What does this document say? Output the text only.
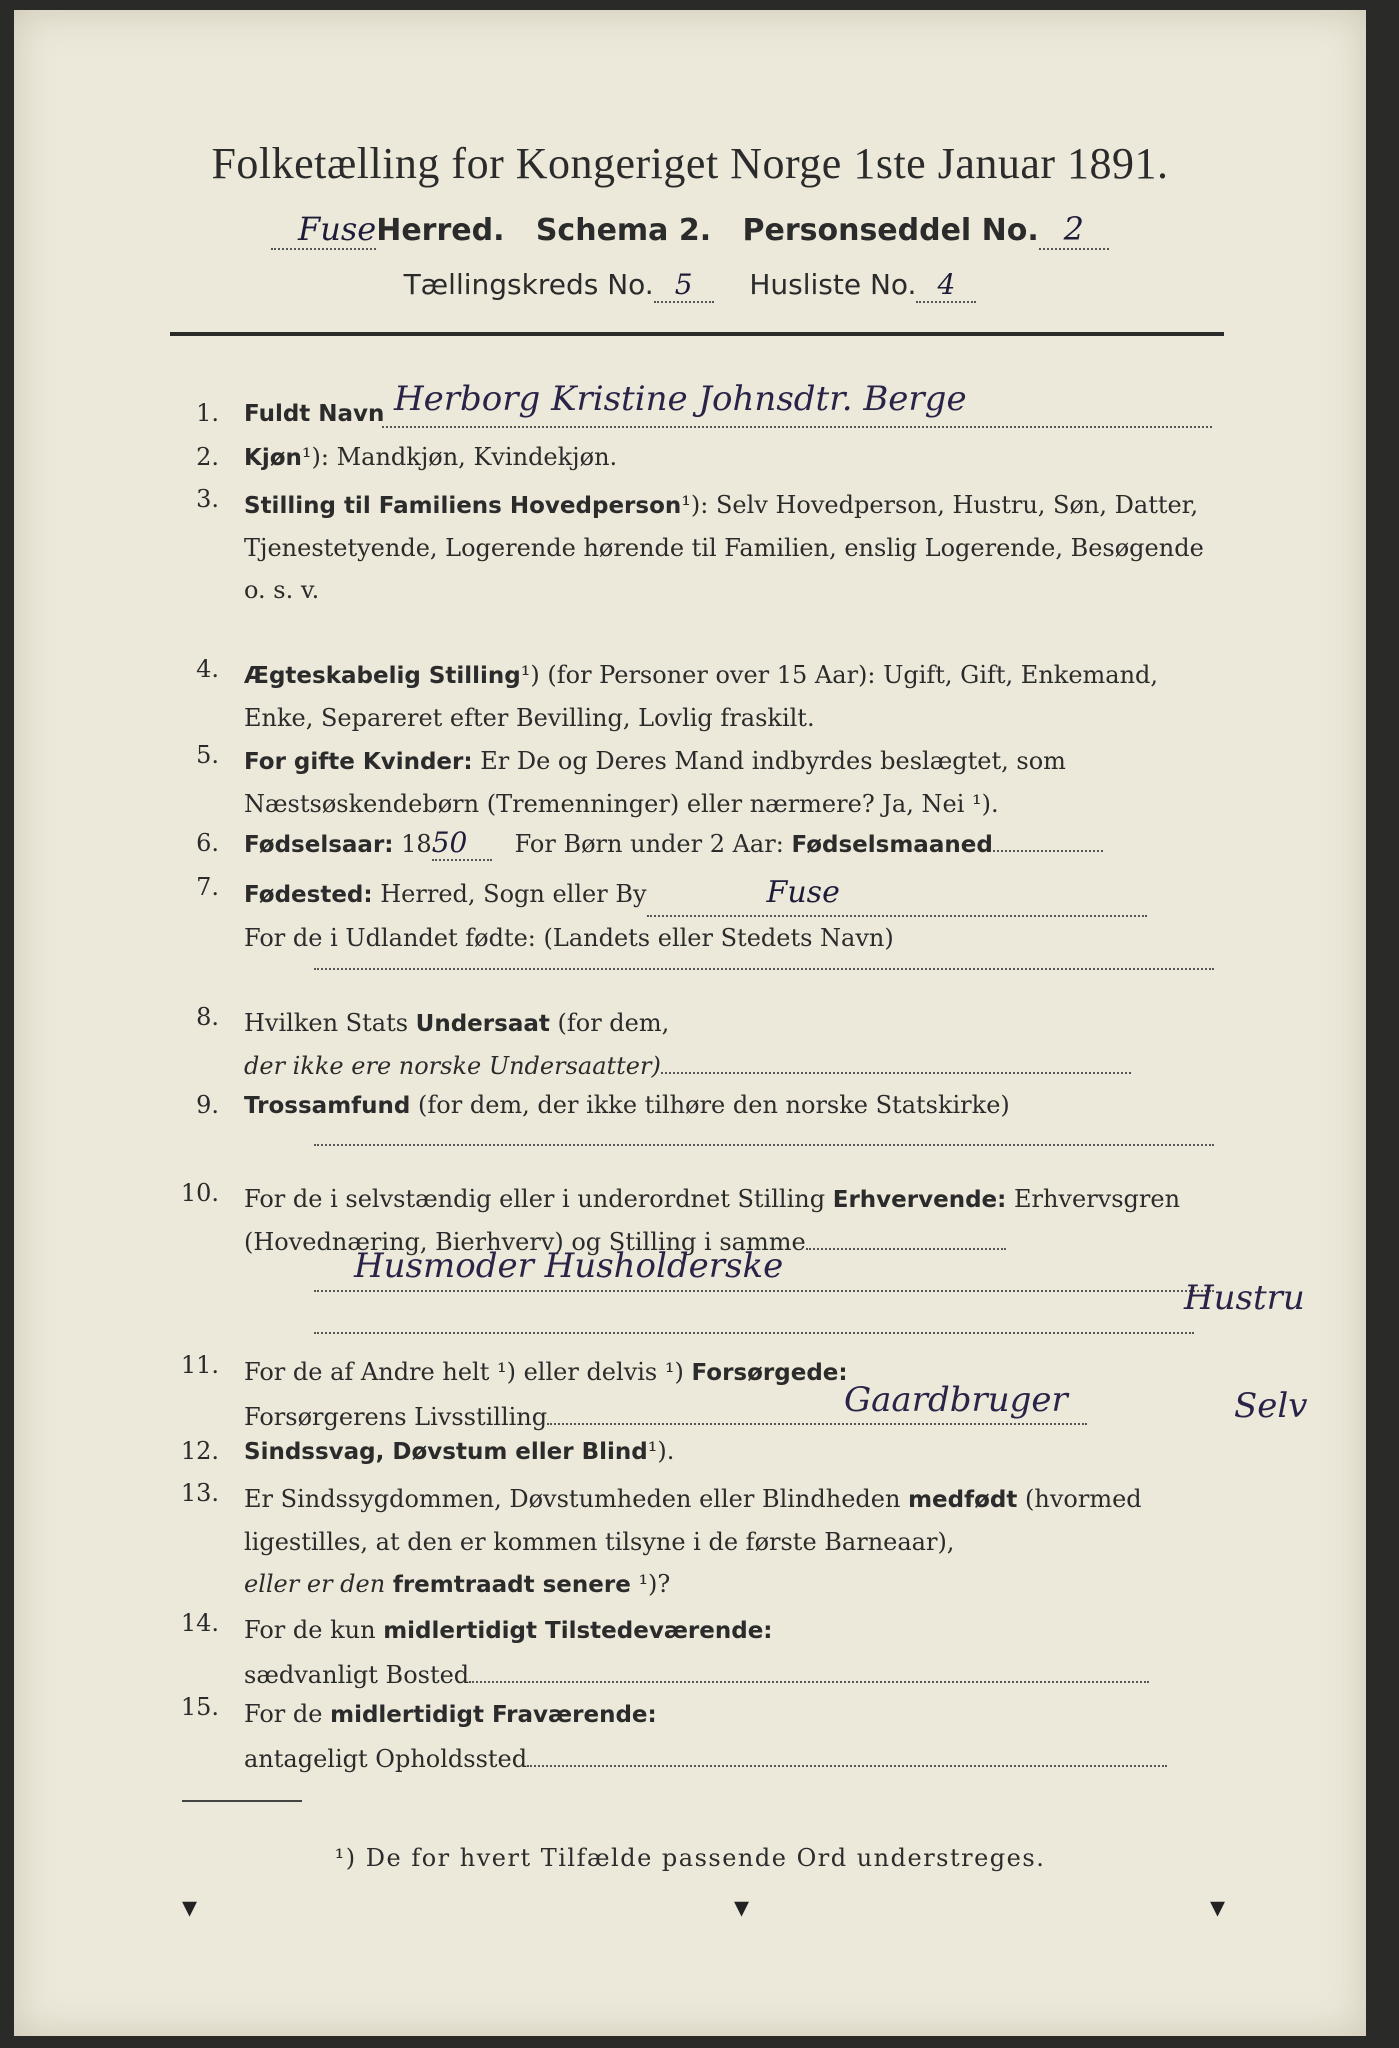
Folketælling for Kongeriget Norge 1ste Januar 1891.
FuseHerred. Schema 2. Personseddel No. 2
Tællingskreds No. 5 Husliste No. 4
1. Fuldt Navn Herborg Kristine Johnsdtr. Berge
2. Kjøn¹): Mandkjøn, Kvindekjøn.
3. Stilling til Familiens Hovedperson¹): Selv Hovedperson, Hustru, Søn, Datter, Tjenestetyende, Logerende hørende til Familien, enslig Logerende, Besøgende o. s. v.
4. Ægteskabelig Stilling¹) (for Personer over 15 Aar): Ugift, Gift, Enkemand, Enke, Separeret efter Bevilling, Lovlig fraskilt.
5. For gifte Kvinder: Er De og Deres Mand indbyrdes beslægtet, som Næstsøskendebørn (Tremenninger) eller nærmere? Ja, Nei ¹).
6. Fødselsaar: 1850 For Børn under 2 Aar: Fødselsmaaned
7. Fødested: Herred, Sogn eller By	Fuse
For de i Udlandet fødte: (Landets eller Stedets Navn)
8. Hvilken Stats Undersaat (for dem,
der ikke ere norske Undersaatter)
9. Trossamfund (for dem, der ikke tilhøre den norske Statskirke)
10. For de i selvstændig eller i underordnet Stilling Erhvervende: Erhvervsgren (Hovednæring, Bierhverv) og Stilling i samme
Husmoder Husholderske
Hustru
11. For de af Andre helt ¹) eller delvis ¹) Forsørgede:
Forsørgerens Livsstilling	Gaardbruger	Selv
12. Sindssvag, Døvstum eller Blind¹).
13. Er Sindssygdommen, Døvstumheden eller Blindheden medfødt (hvormed ligestilles, at den er kommen tilsyne i de første Barneaar),
eller er den fremtraadt senere ¹)?
14. For de kun midlertidigt Tilstedeværende:
sædvanligt Bosted
15. For de midlertidigt Fraværende:
antageligt Opholdssted
¹) De for hvert Tilfælde passende Ord understreges.
▾	▾	▾
